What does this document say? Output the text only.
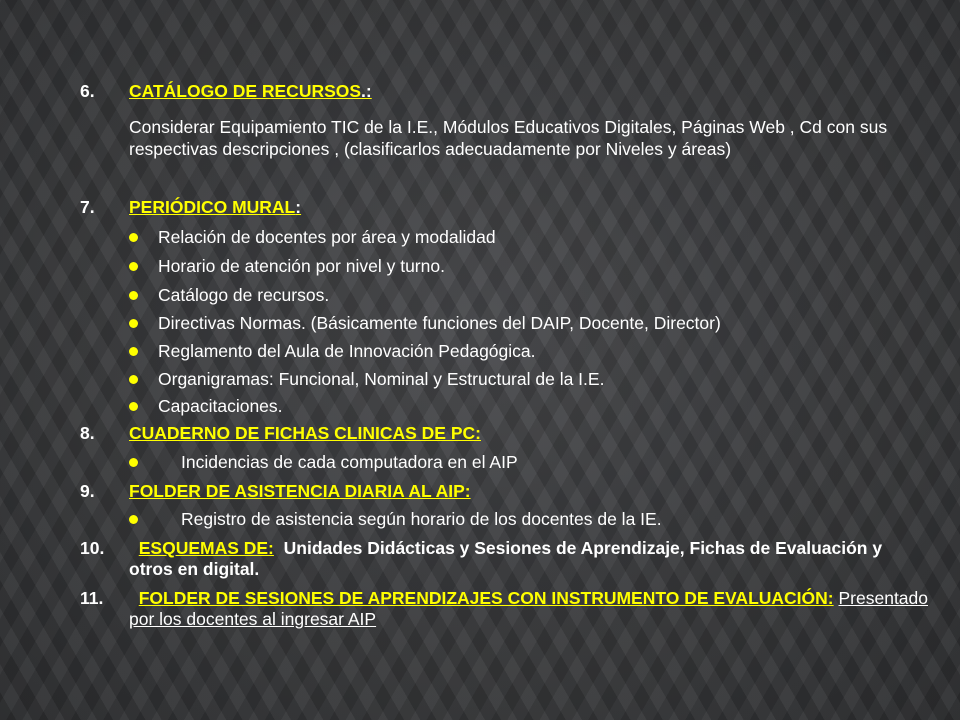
6. CATÁLOGO DE RECURSOS.:
Considerar Equipamiento TIC de la I.E., Módulos Educativos Digitales, Páginas Web , Cd con sus respectivas descripciones , (clasificarlos adecuadamente por Niveles y áreas)
7. PERIÓDICO MURAL:
Relación de docentes por área y modalidad
Horario de atención por nivel y turno.
Catálogo de recursos.
Directivas Normas. (Básicamente funciones del DAIP, Docente, Director)
Reglamento del Aula de Innovación Pedagógica.
Organigramas: Funcional, Nominal y Estructural de la I.E.
Capacitaciones.
8. CUADERNO DE FICHAS CLINICAS DE PC:
Incidencias de cada computadora en el AIP
9. FOLDER DE ASISTENCIA DIARIA AL AIP:
Registro de asistencia según horario de los docentes de la IE.
10.	ESQUEMAS DE: Unidades Didácticas y Sesiones de Aprendizaje, Fichas de Evaluación y otros en digital.
11.	FOLDER DE SESIONES DE APRENDIZAJES CON INSTRUMENTO DE EVALUACIÓN: Presentado por los docentes al ingresar AIP
